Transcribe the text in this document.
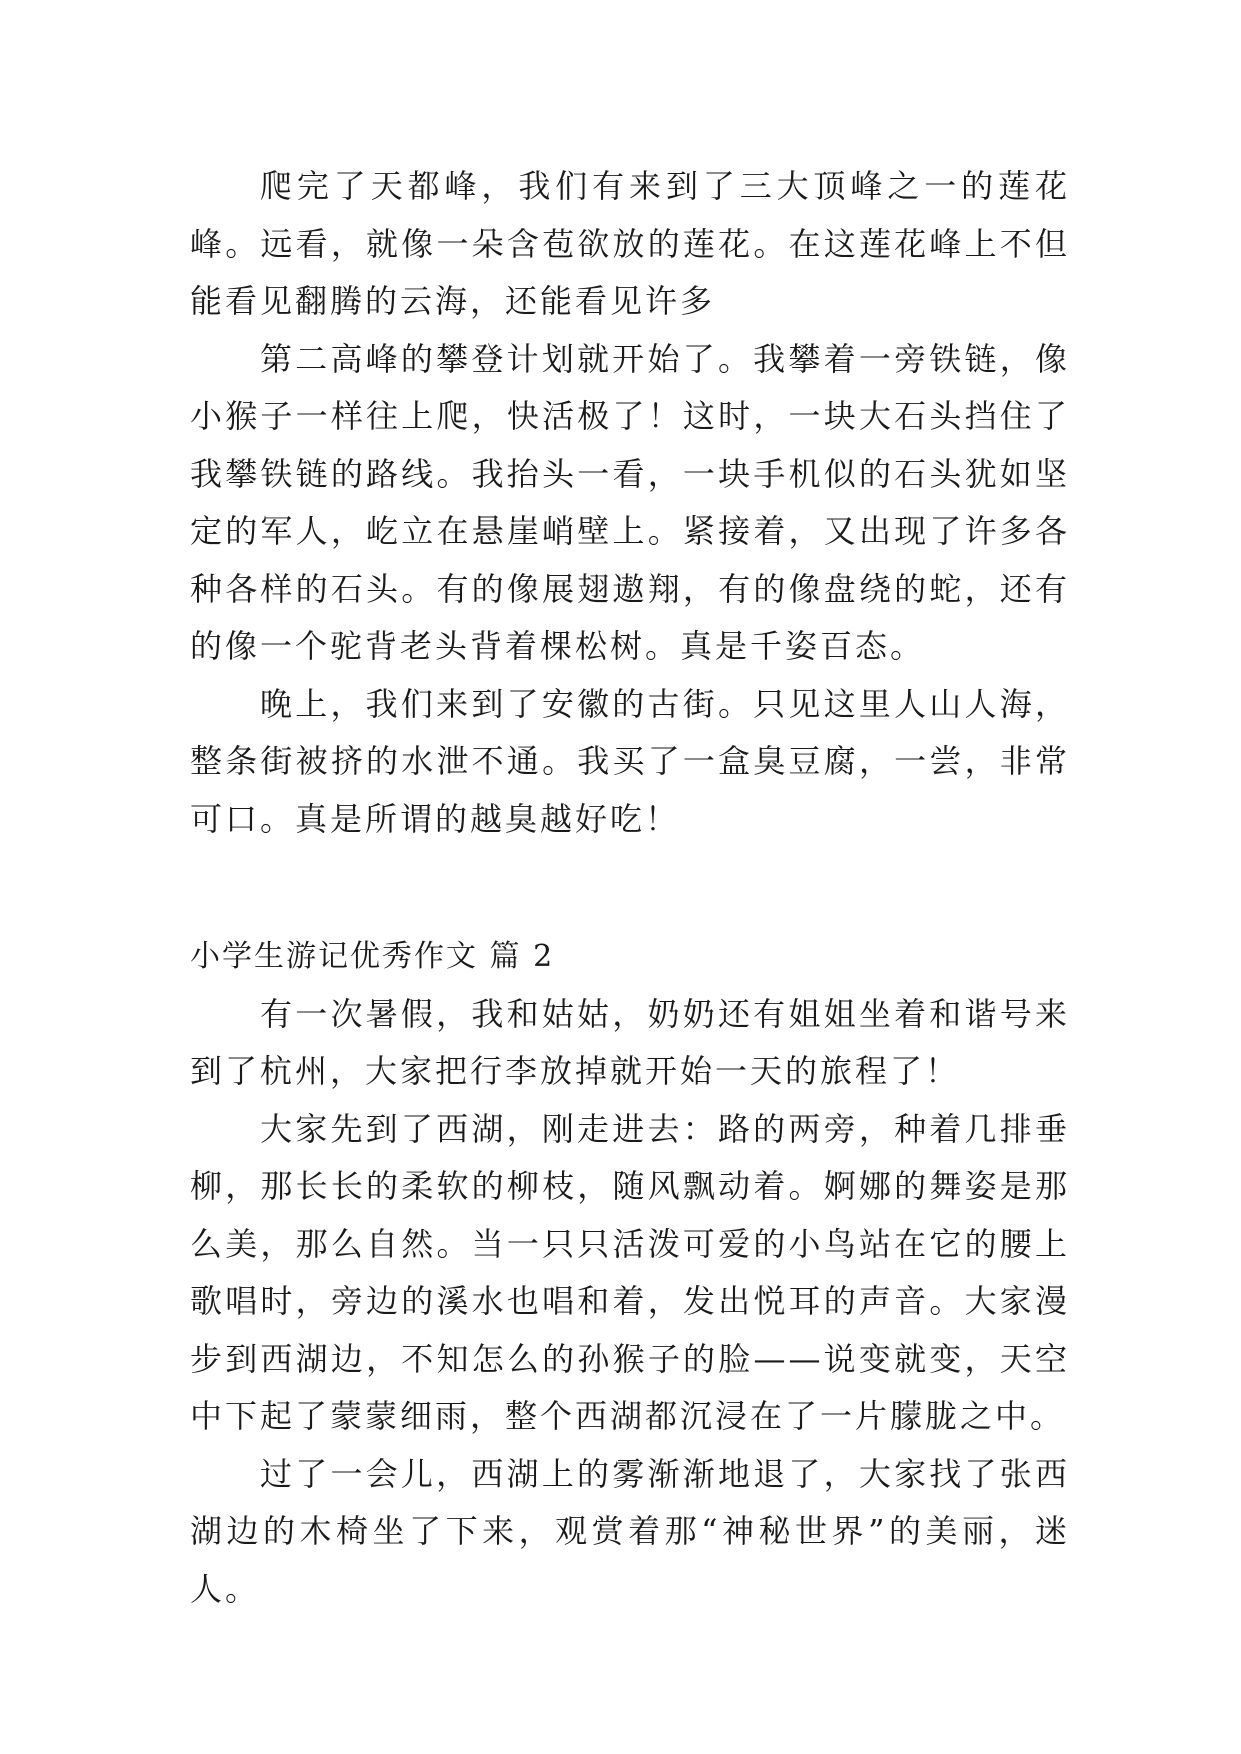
爬完了天都峰，我们有来到了三大顶峰之一的莲花峰。远看，就像一朵含苞欲放的莲花。在这莲花峰上不但能看见翻腾的云海，还能看见许多

第二高峰的攀登计划就开始了。我攀着一旁铁链，像小猴子一样往上爬，快活极了！这时，一块大石头挡住了我攀铁链的路线。我抬头一看，一块手机似的石头犹如坚定的军人，屹立在悬崖峭壁上。紧接着，又出现了许多各种各样的石头。有的像展翅遨翔，有的像盘绕的蛇，还有的像一个驼背老头背着棵松树。真是千姿百态。

晚上，我们来到了安徽的古街。只见这里人山人海，整条街被挤的水泄不通。我买了一盒臭豆腐，一尝，非常可口。真是所谓的越臭越好吃！

小学生游记优秀作文 篇 2

有一次暑假，我和姑姑，奶奶还有姐姐坐着和谐号来到了杭州，大家把行李放掉就开始一天的旅程了！

大家先到了西湖，刚走进去：路的两旁，种着几排垂柳，那长长的柔软的柳枝，随风飘动着。婀娜的舞姿是那么美，那么自然。当一只只活泼可爱的小鸟站在它的腰上歌唱时，旁边的溪水也唱和着，发出悦耳的声音。大家漫步到西湖边，不知怎么的孙猴子的脸——说变就变，天空中下起了蒙蒙细雨，整个西湖都沉浸在了一片朦胧之中。

过了一会儿，西湖上的雾渐渐地退了，大家找了张西湖边的木椅坐了下来，观赏着那“神秘世界”的美丽，迷人。
